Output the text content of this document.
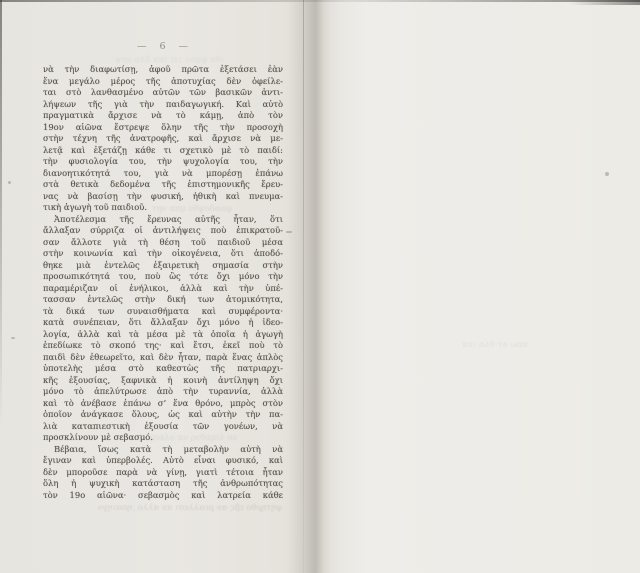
— 6 —
νὰ τὴν διαφωτίσῃ, ἀφοῦ πρῶτα ἐξετάσει ἐὰν
ἕνα μεγάλο μέρος τῆς ἀποτυχίας δὲν ὀφείλε-
ται στὸ λανθασμένο αὐτῶν τῶν βασικῶν ἀντι-
λήψεων τῆς γιὰ τὴν παιδαγωγική. Καὶ αὐτὸ
πραγματικὰ ἄρχισε νὰ τὸ κάμῃ, ἀπὸ τὸν
19ον αἰῶνα ἔστρεψε ὅλην τῆς τὴν προσοχὴ
στὴν τέχνη τῆς ἀνατροφῆς, καὶ ἄρχισε νὰ με-
λετᾷ καὶ ἐξετάζῃ κάθε τι σχετικὸ μὲ τὸ παιδί:
τὴν φυσιολογία του, τὴν ψυχολογία του, τὴν
διανοητικότητά του, γιὰ νὰ μπορέσῃ ἐπάνω
στὰ θετικὰ δεδομένα τῆς ἐπιστημονικῆς ἔρευ-
νας νὰ βασίσῃ τὴν φυσική, ἠθικὴ καὶ πνευμα-
τικὴ ἀγωγὴ τοῦ παιδιοῦ.
Ἀποτέλεσμα τῆς ἔρευνας αὐτῆς ἦταν, ὅτι
ἄλλαξαν σύρριζα οἱ ἀντιλήψεις ποὺ ἐπικρατοῦ-
σαν ἄλλοτε γιὰ τὴ θέση τοῦ παιδιοῦ μέσα
στὴν κοινωνία καὶ τὴν οἰκογένεια, ὅτι ἀποδό-
θηκε μιὰ ἐντελῶς ἐξαιρετικὴ σημασία στὴν
προσωπικότητά του, ποὺ ὣς τότε ὄχι μόνο τὴν
παραμέριζαν οἱ ἐνήλικοι, ἀλλὰ καὶ τὴν ὑπέ-
τασσαν ἐντελῶς στὴν δική των ἀτομικότητα,
τὰ δικά των συναισθήματα καὶ συμφέροντα·
κατὰ συνέπειαν, ὅτι ἄλλαξαν ὄχι μόνο ἡ ἰδεο-
λογία, ἀλλὰ καὶ τὰ μέσα μὲ τὰ ὁποῖα ἡ ἀγωγὴ
ἐπεδίωκε τὸ σκοπό της· καὶ ἔτσι, ἐκεῖ ποὺ τὸ
παιδὶ δὲν ἐθεωρεῖτο, καὶ δὲν ἦταν, παρὰ ἕνας ἁπλὸς
ὑποτελὴς μέσα στὸ καθεστὼς τῆς πατριαρχι-
κῆς ἐξουσίας, ξαφνικὰ ἡ κοινὴ ἀντίληψη ὄχι
μόνο τὸ ἀπελύτρωσε ἀπὸ τὴν τυραννία, ἀλλὰ
καὶ τὸ ἀνέβασε ἐπάνω σ’ ἕνα θρόνο, μπρὸς στὸν
ὁποῖον ἀνάγκασε ὅλους, ὡς καὶ αὐτὴν τὴν πα-
λιὰ καταπιεστικὴ ἐξουσία τῶν γονέων, νὰ
προσκλίνουν μὲ σεβασμό.
Βέβαια, ἴσως κατὰ τὴ μεταβολὴν αὐτὴ νὰ
ἔγιναν καὶ ὑπερβολές. Αὐτὸ εἶναι φυσικό, καὶ
δὲν μποροῦσε παρὰ νὰ γίνῃ, γιατὶ τέτοια ἦταν
ὅλη ἡ ψυχικὴ κατάσταση τῆς ἀνθρωπότητας
τὸν 19ο αἰῶνα· σεβασμὸς καὶ λατρεία κάθε
